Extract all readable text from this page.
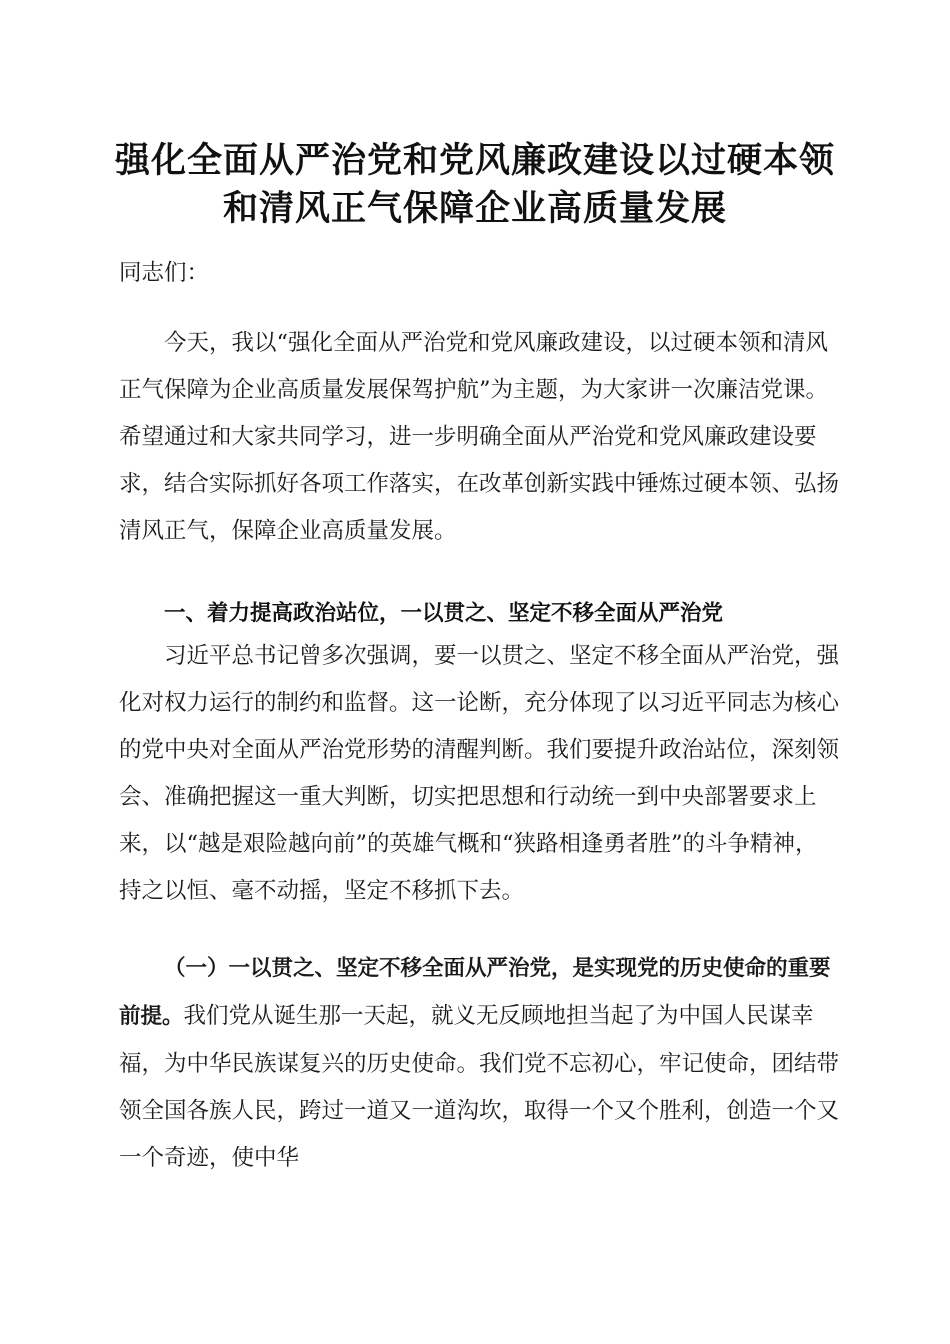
强化全面从严治党和党风廉政建设以过硬本领
和清风正气保障企业高质量发展

同志们：

今天，我以“强化全面从严治党和党风廉政建设，以过硬本领和清风正气保障为企业高质量发展保驾护航”为主题，为大家讲一次廉洁党课。希望通过和大家共同学习，进一步明确全面从严治党和党风廉政建设要求，结合实际抓好各项工作落实，在改革创新实践中锤炼过硬本领、弘扬清风正气，保障企业高质量发展。

一、着力提高政治站位，一以贯之、坚定不移全面从严治党

习近平总书记曾多次强调，要一以贯之、坚定不移全面从严治党，强化对权力运行的制约和监督。这一论断，充分体现了以习近平同志为核心的党中央对全面从严治党形势的清醒判断。我们要提升政治站位，深刻领会、准确把握这一重大判断，切实把思想和行动统一到中央部署要求上来，以“越是艰险越向前”的英雄气概和“狭路相逢勇者胜”的斗争精神，持之以恒、毫不动摇，坚定不移抓下去。

（一）一以贯之、坚定不移全面从严治党，是实现党的历史使命的重要前提。我们党从诞生那一天起，就义无反顾地担当起了为中国人民谋幸福，为中华民族谋复兴的历史使命。我们党不忘初心，牢记使命，团结带领全国各族人民，跨过一道又一道沟坎，取得一个又个胜利，创造一个又一个奇迹，使中华
